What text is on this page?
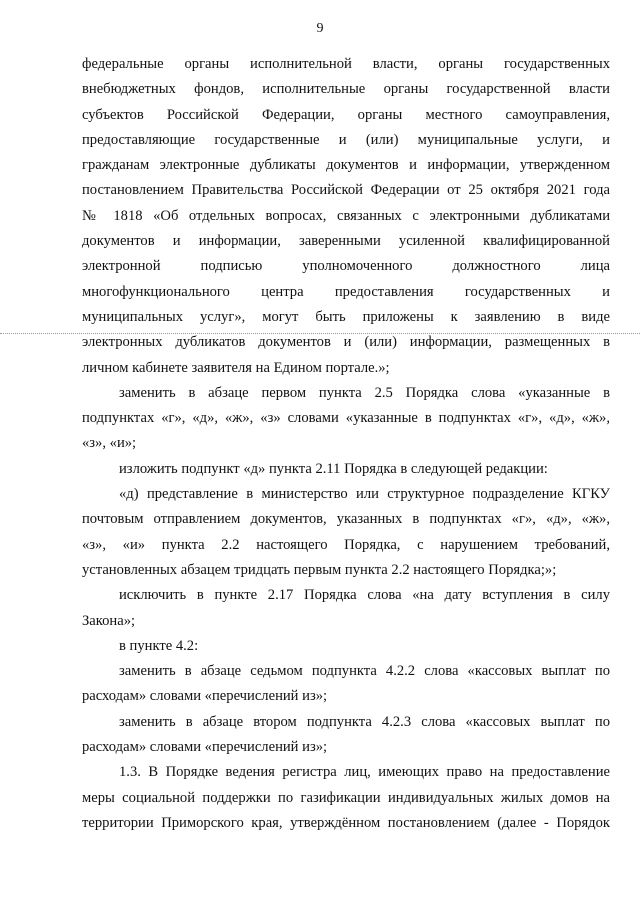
9
федеральные органы исполнительной власти, органы государственных
внебюджетных фондов, исполнительные органы государственной власти
субъектов Российской Федерации, органы местного самоуправления,
предоставляющие государственные и (или) муниципальные услуги, и
гражданам электронные дубликаты документов и информации, утвержденном
постановлением Правительства Российской Федерации от 25 октября 2021 года
№ 1818 «Об отдельных вопросах, связанных с электронными дубликатами
документов и информации, заверенными усиленной квалифицированной
электронной подписью уполномоченного должностного лица
многофункционального центра предоставления государственных и
муниципальных услуг», могут быть приложены к заявлению в виде
электронных дубликатов документов и (или) информации, размещенных в
личном кабинете заявителя на Едином портале.»;
заменить в абзаце первом пункта 2.5 Порядка слова «указанные в
подпунктах «г», «д», «ж», «з» словами «указанные в подпунктах «г», «д», «ж»,
«з», «и»;
изложить подпункт «д» пункта 2.11 Порядка в следующей редакции:
«д) представление в министерство или структурное подразделение КГКУ
почтовым отправлением документов, указанных в подпунктах «г», «д», «ж»,
«з», «и» пункта 2.2 настоящего Порядка, с нарушением требований,
установленных абзацем тридцать первым пункта 2.2 настоящего Порядка;»;
исключить в пункте 2.17 Порядка слова «на дату вступления в силу
Закона»;
в пункте 4.2:
заменить в абзаце седьмом подпункта 4.2.2 слова «кассовых выплат по
расходам» словами «перечислений из»;
заменить в абзаце втором подпункта 4.2.3 слова «кассовых выплат по
расходам» словами «перечислений из»;
1.3. В Порядке ведения регистра лиц, имеющих право на предоставление
меры социальной поддержки по газификации индивидуальных жилых домов на
территории Приморского края, утверждённом постановлением (далее - Порядок
